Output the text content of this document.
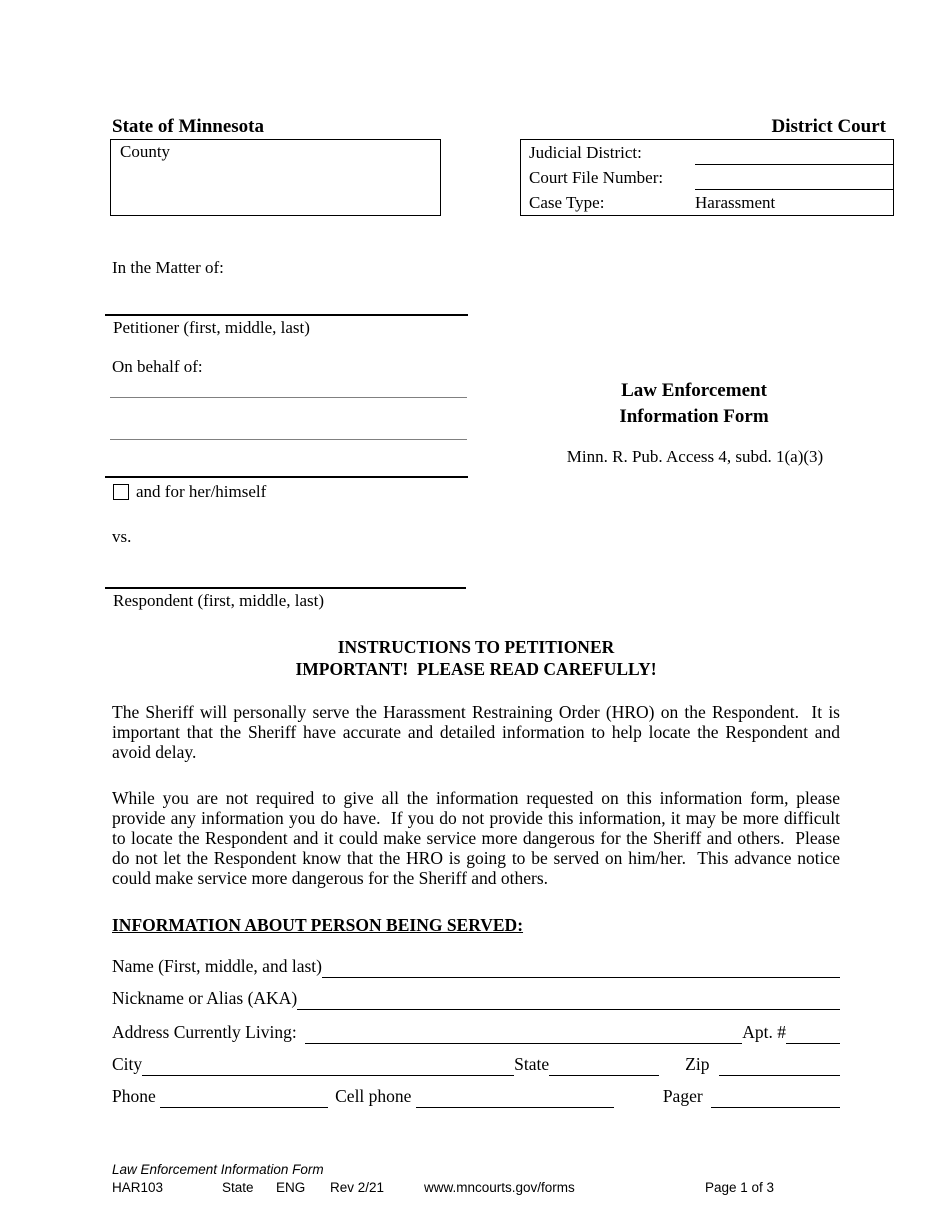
State of Minnesota	District Court
County	Judicial District:
Court File Number:
Case Type:	Harassment
In the Matter of:
Petitioner (first, middle, last)
On behalf of:
and for her/himself
vs.
Respondent (first, middle, last)
Law Enforcement
Information Form
Minn. R. Pub. Access 4, subd. 1(a)(3)
INSTRUCTIONS TO PETITIONER
IMPORTANT!  PLEASE READ CAREFULLY!
The Sheriff will personally serve the Harassment Restraining Order (HRO) on the Respondent.  It is important that the Sheriff have accurate and detailed information to help locate the Respondent and avoid delay.
While you are not required to give all the information requested on this information form, please provide any information you do have.  If you do not provide this information, it may be more difficult to locate the Respondent and it could make service more dangerous for the Sheriff and others.  Please do not let the Respondent know that the HRO is going to be served on him/her.  This advance notice could make service more dangerous for the Sheriff and others.
INFORMATION ABOUT PERSON BEING SERVED:
Name (First, middle, and last)
Nickname or Alias (AKA)
Address Currently Living:	Apt. #
City	State	Zip
Phone	Cell phone	Pager
Law Enforcement Information Form
HAR103	State ENG Rev 2/21	www.mncourts.gov/forms	Page 1 of 3
